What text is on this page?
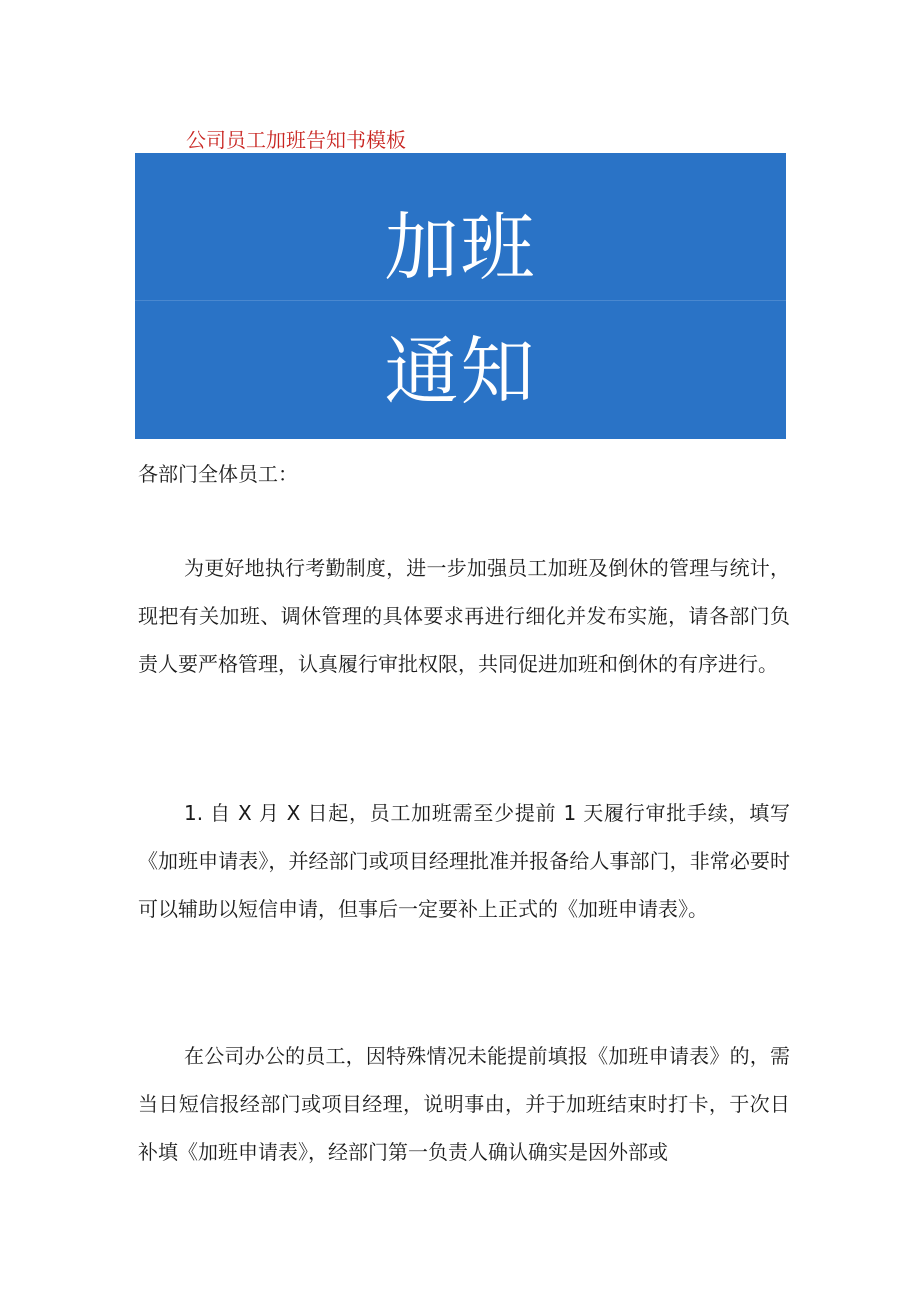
公司员工加班告知书模板
加班
通知
各部门全体员工：
为更好地执行考勤制度，进一步加强员工加班及倒休的管理与统计，现把有关加班、调休管理的具体要求再进行细化并发布实施，请各部门负责人要严格管理，认真履行审批权限，共同促进加班和倒休的有序进行。
1. 自 X 月 X 日起，员工加班需至少提前 1 天履行审批手续，填写《加班申请表》，并经部门或项目经理批准并报备给人事部门，非常必要时可以辅助以短信申请，但事后一定要补上正式的《加班申请表》。
在公司办公的员工，因特殊情况未能提前填报《加班申请表》的，需当日短信报经部门或项目经理，说明事由，并于加班结束时打卡，于次日补填《加班申请表》，经部门第一负责人确认确实是因外部或
